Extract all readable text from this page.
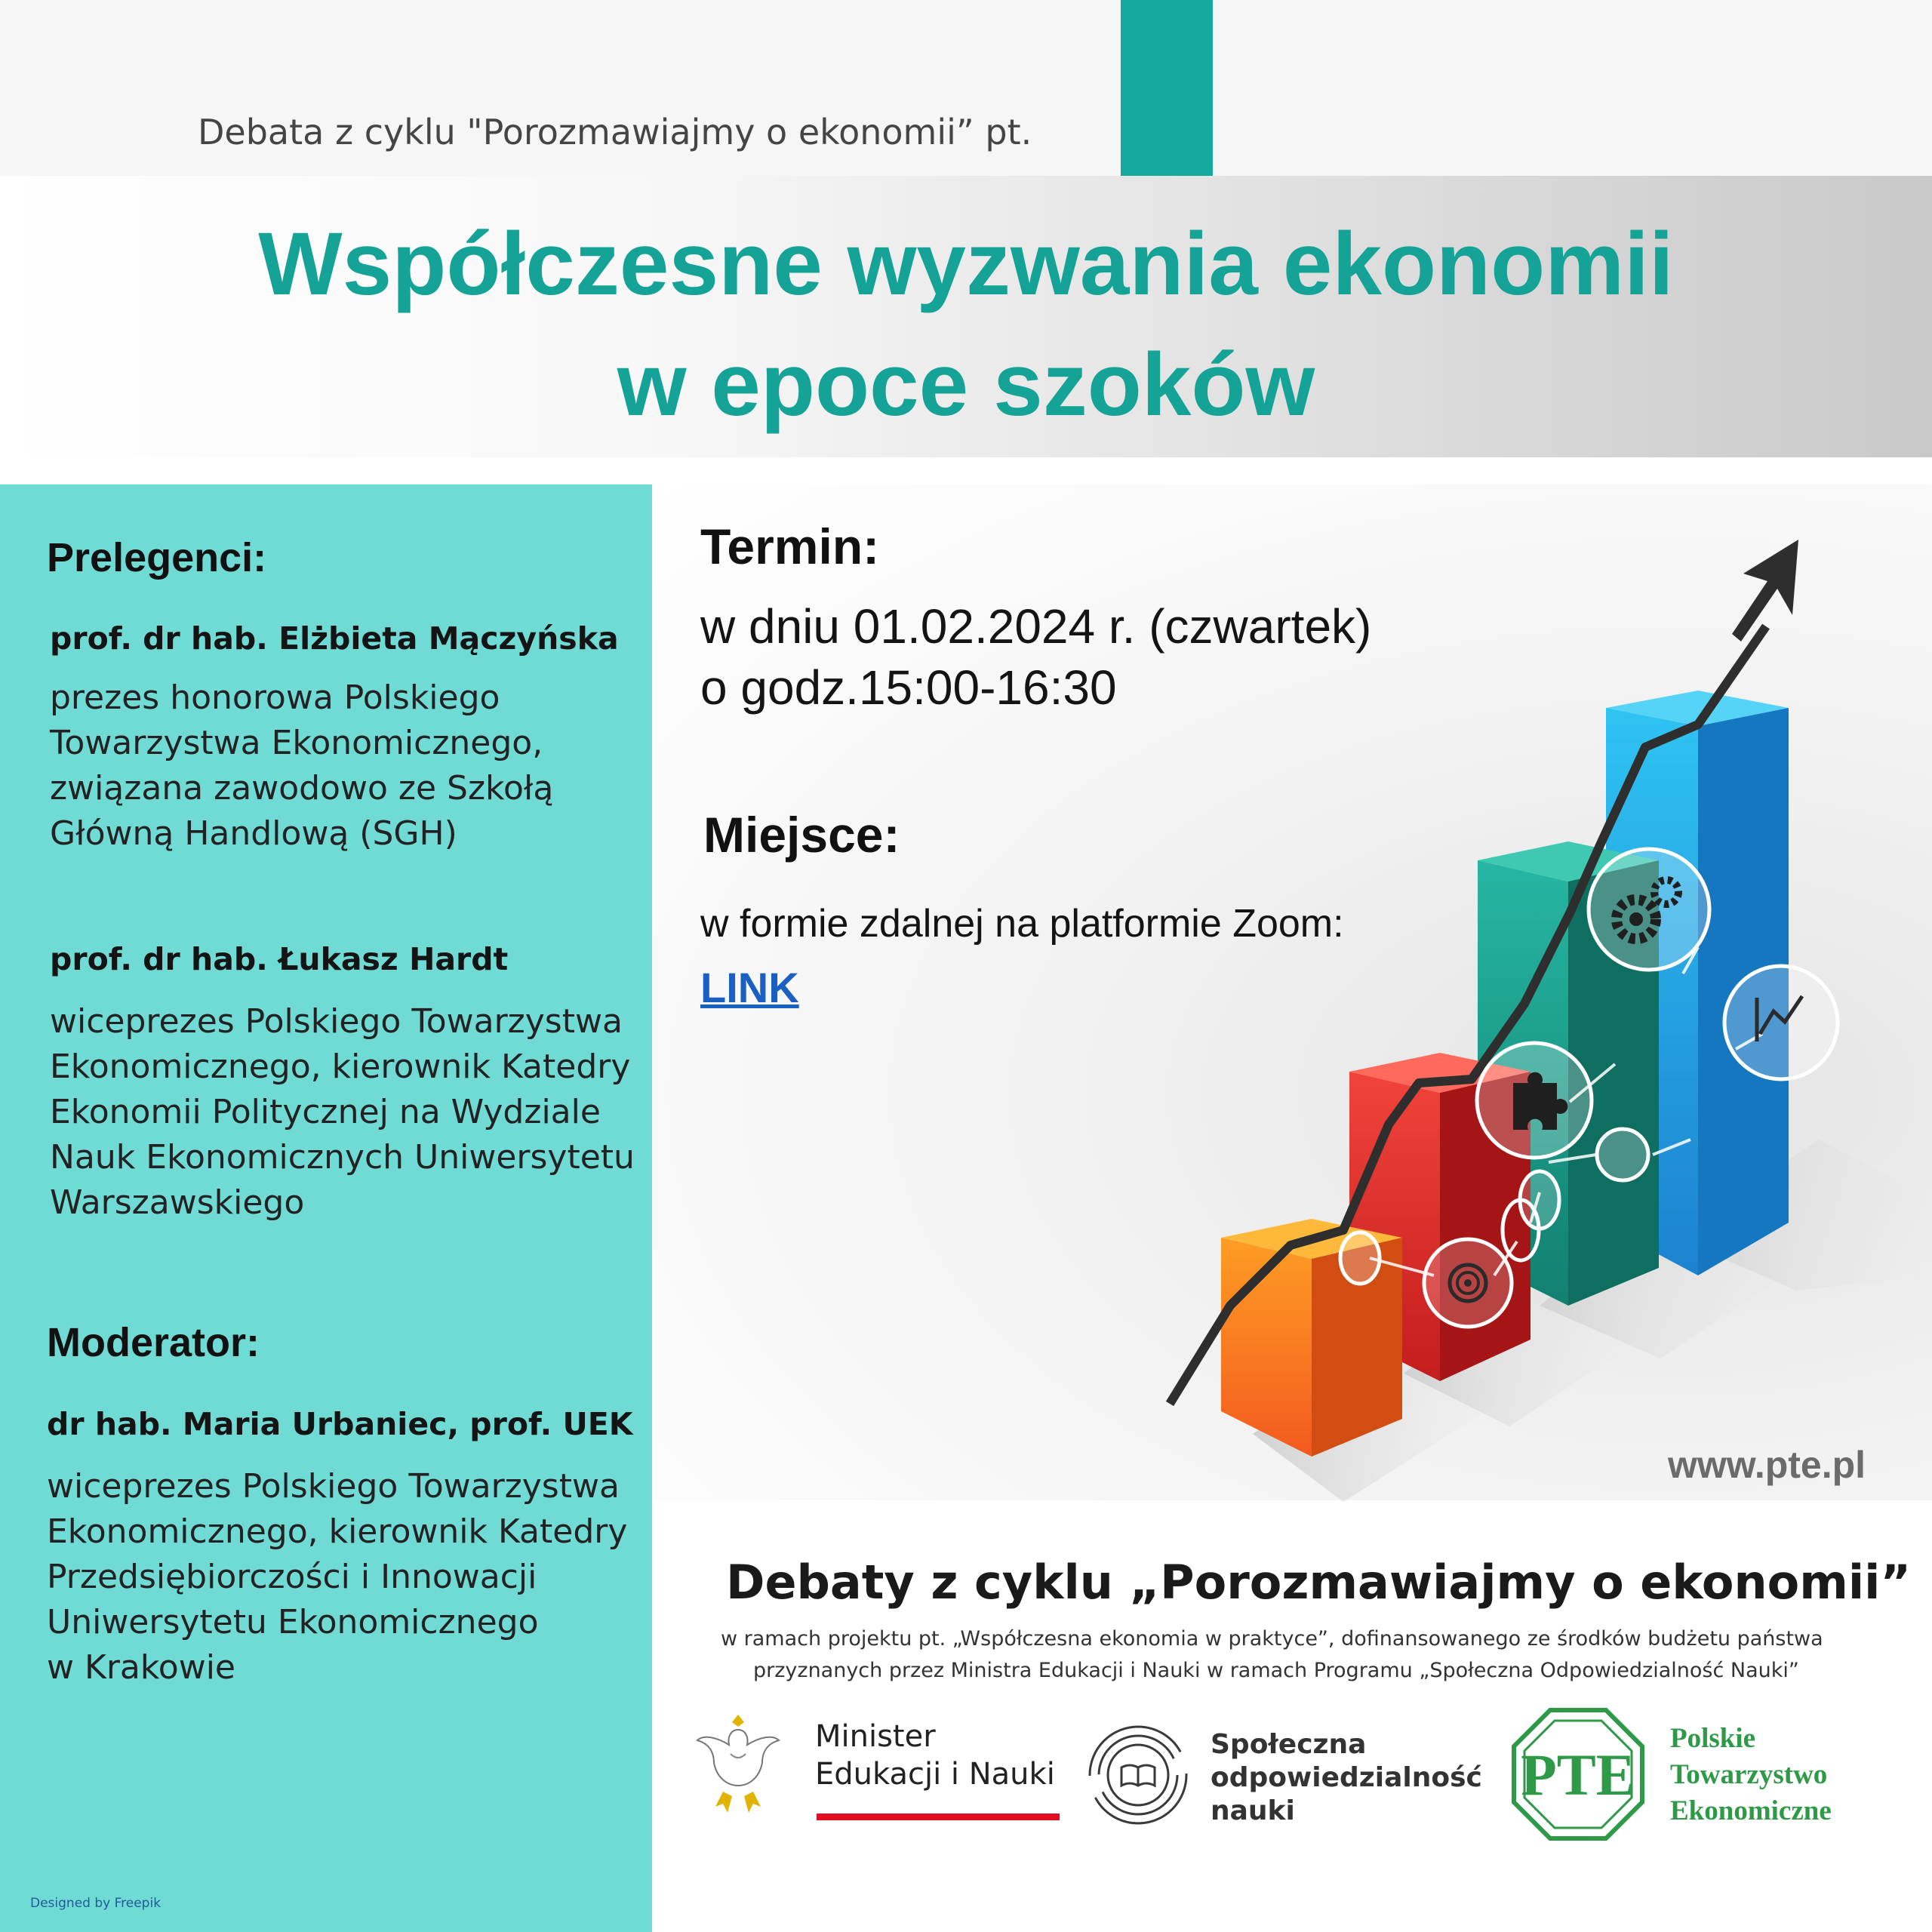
Debata z cyklu "Porozmawiajmy o ekonomii” pt.
Współczesne wyzwania ekonomii
w epoce szoków
Prelegenci:
prof. dr hab. Elżbieta Mączyńska
prezes honorowa Polskiego
Towarzystwa Ekonomicznego,
związana zawodowo ze Szkołą
Główną Handlową (SGH)
prof. dr hab. Łukasz Hardt
wiceprezes Polskiego Towarzystwa
Ekonomicznego, kierownik Katedry
Ekonomii Politycznej na Wydziale
Nauk Ekonomicznych Uniwersytetu
Warszawskiego
Moderator:
dr hab. Maria Urbaniec, prof. UEK
wiceprezes Polskiego Towarzystwa
Ekonomicznego, kierownik Katedry
Przedsiębiorczości i Innowacji
Uniwersytetu Ekonomicznego
w Krakowie
Designed by Freepik
Termin:
w dniu 01.02.2024 r. (czwartek)
o godz.15:00-16:30
Miejsce:
w formie zdalnej na platformie Zoom:
LINK
www.pte.pl
Debaty z cyklu „Porozmawiajmy o ekonomii”
w ramach projektu pt. „Współczesna ekonomia w praktyce”, dofinansowanego ze środków budżetu państwa
przyznanych przez Ministra Edukacji i Nauki w ramach Programu „Społeczna Odpowiedzialność Nauki”
Minister
Edukacji i Nauki
Społeczna
odpowiedzialność
nauki
PTE
Polskie
Towarzystwo
Ekonomiczne
